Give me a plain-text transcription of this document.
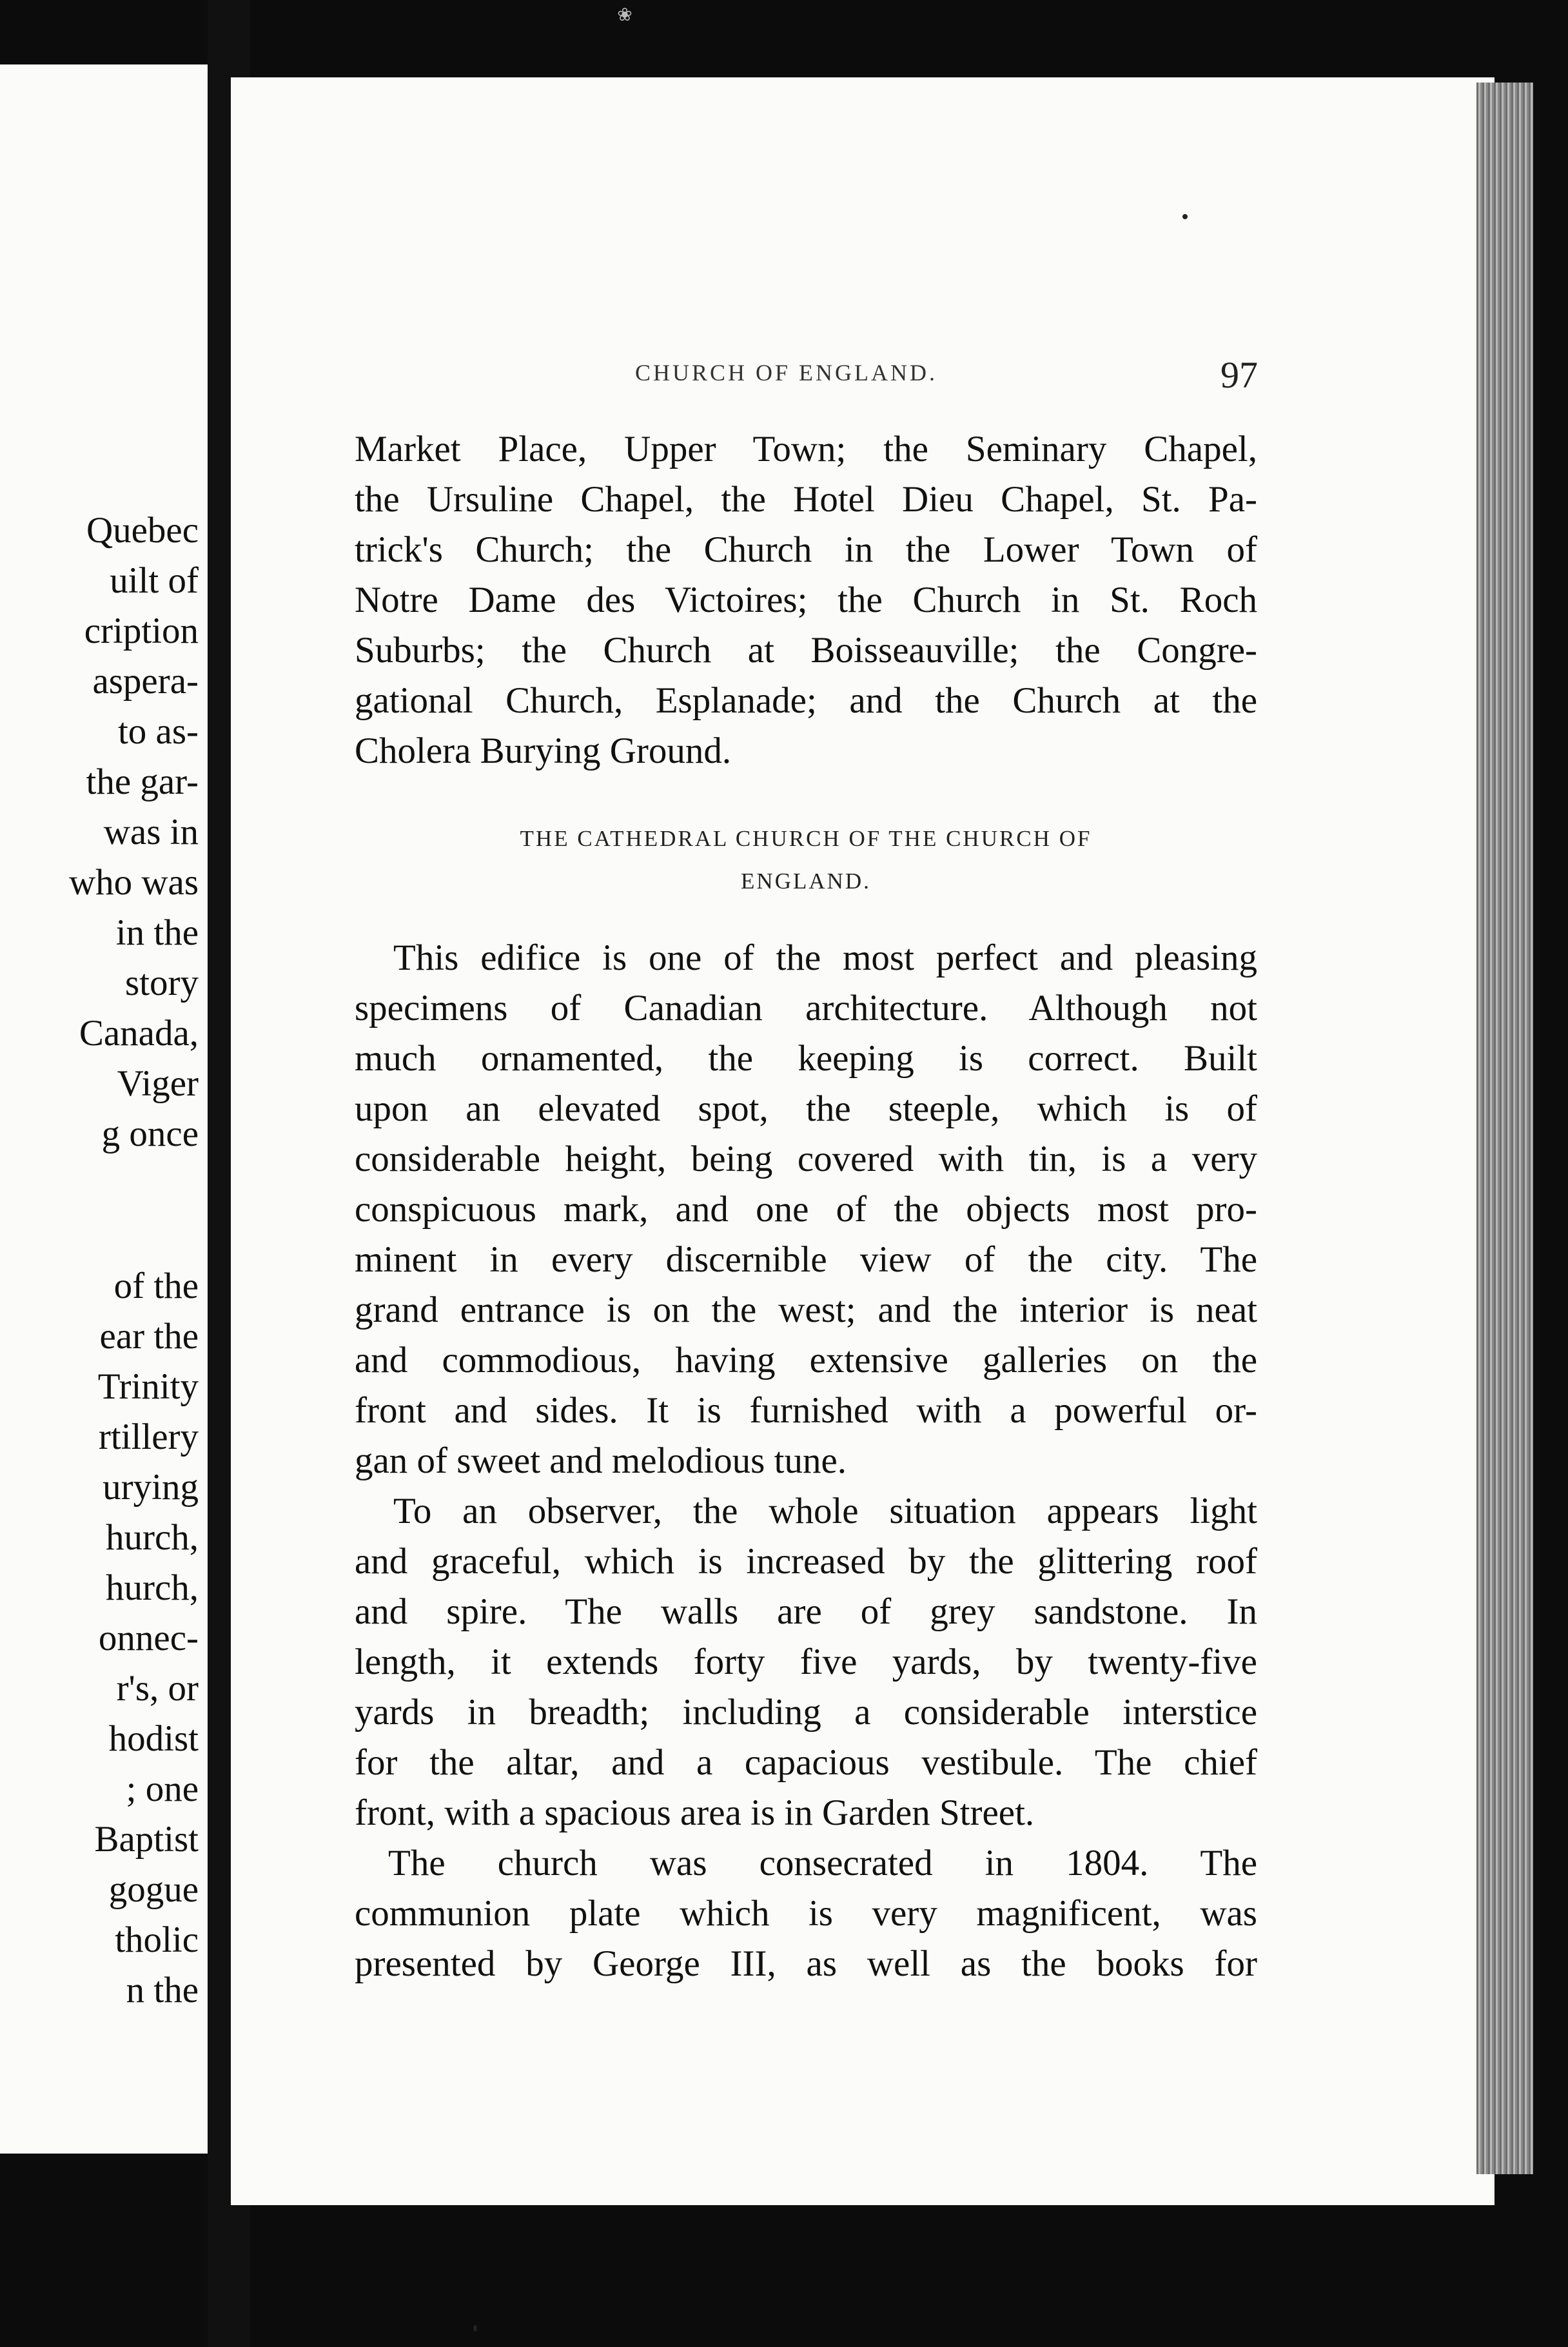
❀
Quebec
uilt of
cription
aspera-
to as-
the gar-
was in
who was
in the
story
Canada,
Viger
g once
of the
ear the
Trinity
rtillery
urying
hurch,
hurch,
onnec-
r's, or
hodist
; one
Baptist
gogue
tholic
n the
CHURCH OF ENGLAND.	97
Market Place, Upper Town; the Seminary Chapel,
the Ursuline Chapel, the Hotel Dieu Chapel, St. Pa-
trick's Church; the Church in the Lower Town of
Notre Dame des Victoires; the Church in St. Roch
Suburbs; the Church at Boisseauville; the Congre-
gational Church, Esplanade; and the Church at the
Cholera Burying Ground.
THE CATHEDRAL CHURCH OF THE CHURCH OF
ENGLAND.
This edifice is one of the most perfect and pleasing
specimens of Canadian architecture. Although not
much ornamented, the keeping is correct. Built
upon an elevated spot, the steeple, which is of
considerable height, being covered with tin, is a very
conspicuous mark, and one of the objects most pro-
minent in every discernible view of the city. The
grand entrance is on the west; and the interior is neat
and commodious, having extensive galleries on the
front and sides. It is furnished with a powerful or-
gan of sweet and melodious tune.
To an observer, the whole situation appears light
and graceful, which is increased by the glittering roof
and spire. The walls are of grey sandstone. In
length, it extends forty five yards, by twenty-five
yards in breadth; including a considerable interstice
for the altar, and a capacious vestibule. The chief
front, with a spacious area is in Garden Street.
The church was consecrated in 1804. The
communion plate which is very magnificent, was
presented by George III, as well as the books for
